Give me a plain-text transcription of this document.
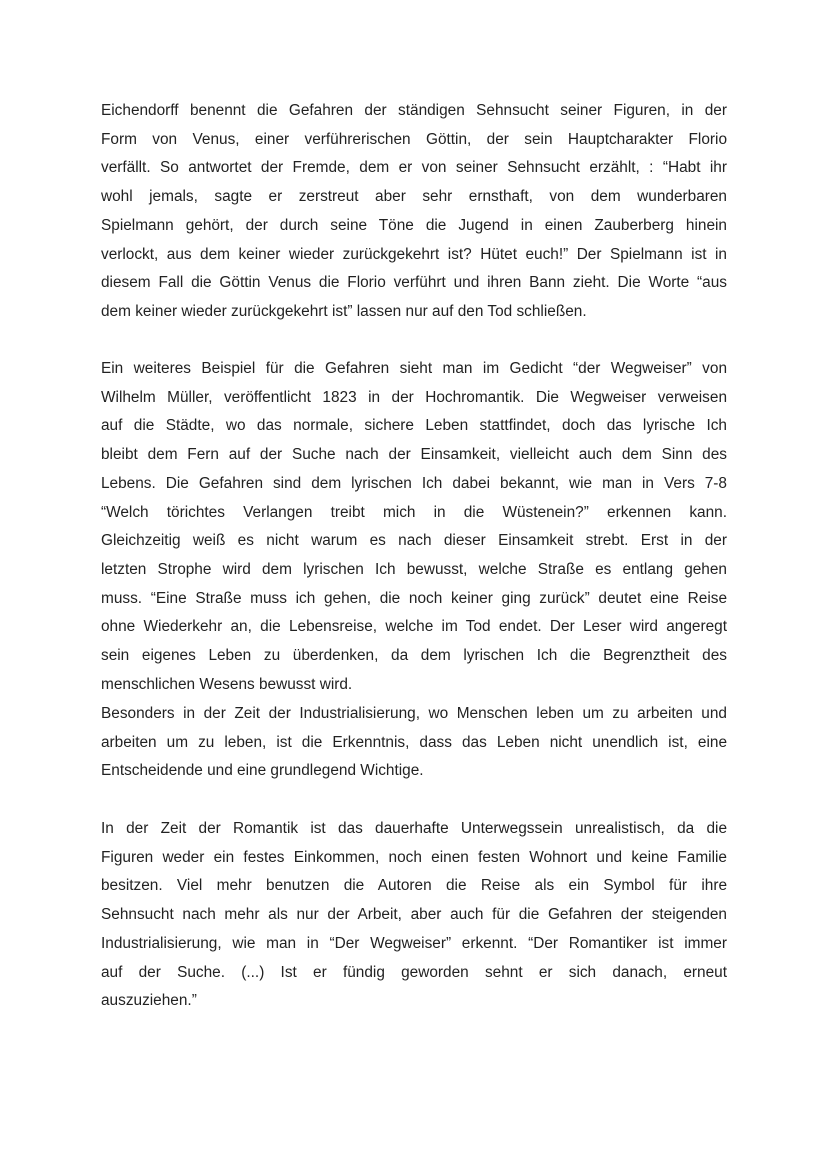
Eichendorff benennt die Gefahren der ständigen Sehnsucht seiner Figuren, in der
Form von Venus, einer verführerischen Göttin, der sein Hauptcharakter Florio
verfällt. So antwortet der Fremde, dem er von seiner Sehnsucht erzählt, : “Habt ihr
wohl jemals, sagte er zerstreut aber sehr ernsthaft, von dem wunderbaren
Spielmann gehört, der durch seine Töne die Jugend in einen Zauberberg hinein
verlockt, aus dem keiner wieder zurückgekehrt ist? Hütet euch!” Der Spielmann ist in
diesem Fall die Göttin Venus die Florio verführt und ihren Bann zieht. Die Worte “aus
dem keiner wieder zurückgekehrt ist” lassen nur auf den Tod schließen.
Ein weiteres Beispiel für die Gefahren sieht man im Gedicht “der Wegweiser” von
Wilhelm Müller, veröffentlicht 1823 in der Hochromantik. Die Wegweiser verweisen
auf die Städte, wo das normale, sichere Leben stattfindet, doch das lyrische Ich
bleibt dem Fern auf der Suche nach der Einsamkeit, vielleicht auch dem Sinn des
Lebens. Die Gefahren sind dem lyrischen Ich dabei bekannt, wie man in Vers 7-8
“Welch törichtes Verlangen treibt mich in die Wüstenein?” erkennen kann.
Gleichzeitig weiß es nicht warum es nach dieser Einsamkeit strebt. Erst in der
letzten Strophe wird dem lyrischen Ich bewusst, welche Straße es entlang gehen
muss. “Eine Straße muss ich gehen, die noch keiner ging zurück” deutet eine Reise
ohne Wiederkehr an, die Lebensreise, welche im Tod endet. Der Leser wird angeregt
sein eigenes Leben zu überdenken, da dem lyrischen Ich die Begrenztheit des
menschlichen Wesens bewusst wird.
Besonders in der Zeit der Industrialisierung, wo Menschen leben um zu arbeiten und
arbeiten um zu leben, ist die Erkenntnis, dass das Leben nicht unendlich ist, eine
Entscheidende und eine grundlegend Wichtige.
In der Zeit der Romantik ist das dauerhafte Unterwegssein unrealistisch, da die
Figuren weder ein festes Einkommen, noch einen festen Wohnort und keine Familie
besitzen. Viel mehr benutzen die Autoren die Reise als ein Symbol für ihre
Sehnsucht nach mehr als nur der Arbeit, aber auch für die Gefahren der steigenden
Industrialisierung, wie man in “Der Wegweiser” erkennt. “Der Romantiker ist immer
auf der Suche. (...) Ist er fündig geworden sehnt er sich danach, erneut
auszuziehen.”
